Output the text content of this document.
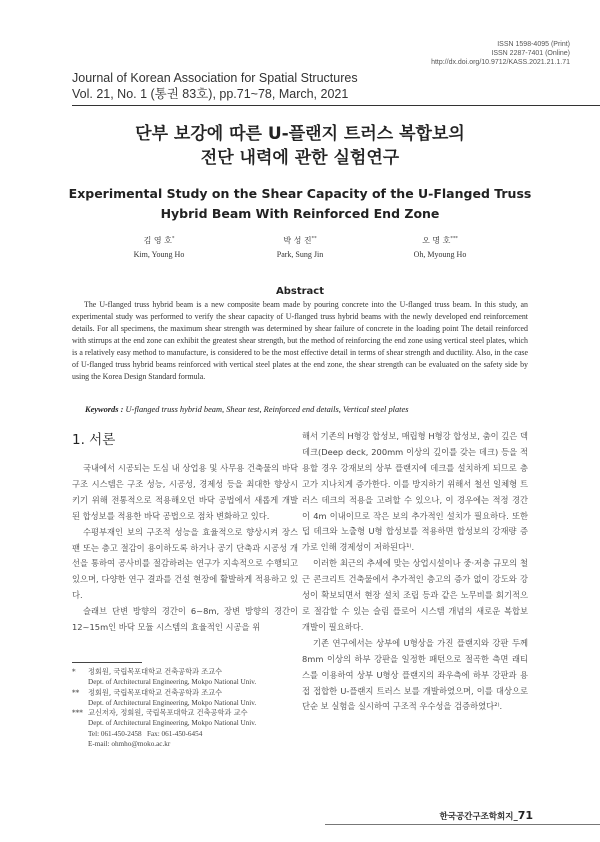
ISSN 1598-4095 (Print)
ISSN 2287-7401 (Online)
http://dx.doi.org/10.9712/KASS.2021.21.1.71
Journal of Korean Association for Spatial Structures
Vol. 21, No. 1 (통권 83호), pp.71~78, March, 2021
단부 보강에 따른 U-플랜지 트러스 복합보의
전단 내력에 관한 실험연구
Experimental Study on the Shear Capacity of the U-Flanged Truss
Hybrid Beam With Reinforced End Zone
김 영 호*
Kim, Young Ho
박 성 진**
Park, Sung Jin
오 명 호***
Oh, Myoung Ho
Abstract

The U-flanged truss hybrid beam is a new composite beam made by pouring concrete into the U-flanged truss beam. In this study, an experimental study was performed to verify the shear capacity of U-flanged truss hybrid beams with the newly developed end reinforcement details. For all specimens, the maximum shear strength was determined by shear failure of concrete in the loading point The detail reinforced with stirrups at the end zone can exhibit the greatest shear strength, but the method of reinforcing the end zone using vertical steel plates, which is a relatively easy method to manufacture, is considered to be the most effective detail in terms of shear strength and ductility. Also, in the case of U-flanged truss hybrid beams reinforced with vertical steel plates at the end zone, the shear strength can be evaluated on the safety side by using the Korea Design Standard formula.

Keywords : U-flanged truss hybrid beam, Shear test, Reinforced end details, Vertical steel plates
1. 서론

국내에서 시공되는 도심 내 상업용 및 사무용 건축물의 바닥 구조 시스템은 구조 성능, 시공성, 경제성 등을 최대한 향상시키기 위해 전통적으로 적용해오던 바닥 공법에서 새롭게 개발된 합성보를 적용한 바닥 공법으로 점차 변화하고 있다.

수평부재인 보의 구조적 성능을 효율적으로 향상시켜 장스팬 또는 층고 절감이 용이하도록 하거나 공기 단축과 시공성 개선을 통하여 공사비를 절감하려는 연구가 지속적으로 수행되고 있으며, 다양한 연구 결과를 건설 현장에 활발하게 적용하고 있다.

슬래브 단변 방향의 경간이 6~8m, 장변 방향의 경간이 12~15m인 바닥 모듈 시스템의 효율적인 시공을 위

해서 기존의 H형강 합성보, 매립형 H형강 합성보, 춤이 깊은 덱 데크(Deep deck, 200mm 이상의 깊이를 갖는 데크) 등을 적용할 경우 강재보의 상부 플랜지에 데크를 설치하게 되므로 층고가 지나치게 증가한다. 이를 방지하기 위해서 철선 일체형 트러스 데크의 적용을 고려할 수 있으나, 이 경우에는 적정 경간이 4m 이내이므로 작은 보의 추가적인 설치가 필요하다. 또한 덥 데크와 노출형 U형 합성보를 적용하면 합성보의 강재량 증가로 인해 경제성이 저하된다¹⁾.

이러한 최근의 추세에 맞는 상업시설이나 중·저층 규모의 철근 콘크리트 건축물에서 추가적인 층고의 증가 없이 강도와 강성이 확보되면서 현장 설치 조립 등과 같은 노무비를 회기적으로 절감할 수 있는 슬림 플로어 시스템 개념의 새로운 복합보 개발이 필요하다.

기존 연구에서는 상부에 U형상을 가진 플랜지와 강판 두께 8mm 이상의 하부 강판을 일정한 패턴으로 절곡한 측면 래티스를 이용하여 상부 U형상 플랜지의 좌우측에 하부 강판과 용접 접합한 U-플랜지 트러스 보를 개발하였으며, 이를 대상으로 단순 보 실험을 실시하여 구조적 우수성을 검증하였다²⁾.

* 정회원, 국립목포대학교 건축공학과 조교수
Dept. of Architectural Engineering, Mokpo National Univ.
** 정회원, 국립목포대학교 건축공학과 조교수
Dept. of Architectural Engineering, Mokpo National Univ.
*** 교신저자, 정회원, 국립목포대학교 건축공학과 교수
Dept. of Architectural Engineering, Mokpo National Univ.
Tel: 061-450-2458 Fax: 061-450-6454
E-mail: ohmho@moko.ac.kr
한국공간구조학회지_71
